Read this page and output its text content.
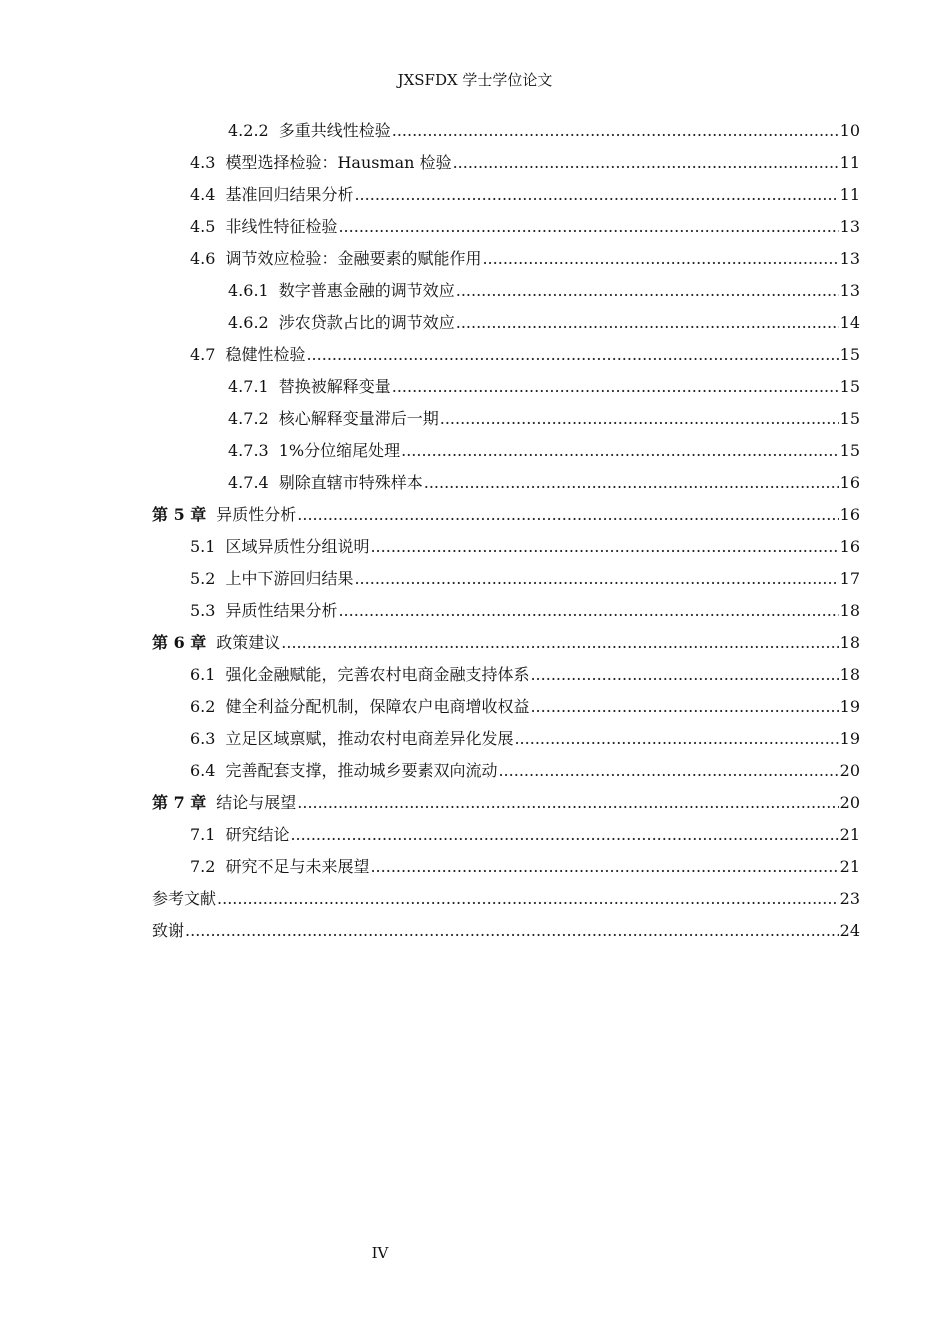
JXSFDX 学士学位论文
4.2.2 多重共线性检验 .....	10
4.3 模型选择检验：Hausman 检验 .....	11
4.4 基准回归结果分析 .....	11
4.5 非线性特征检验 .....	13
4.6 调节效应检验：金融要素的赋能作用 .....	13
4.6.1 数字普惠金融的调节效应 .....	13
4.6.2 涉农贷款占比的调节效应 .....	14
4.7 稳健性检验 .....	15
4.7.1 替换被解释变量 .....	15
4.7.2 核心解释变量滞后一期 .....	15
4.7.3 1%分位缩尾处理 .....	15
4.7.4 剔除直辖市特殊样本 .....	16
第 5 章 异质性分析 .....	16
5.1 区域异质性分组说明 .....	16
5.2 上中下游回归结果 .....	17
5.3 异质性结果分析 .....	18
第 6 章 政策建议 .....	18
6.1 强化金融赋能，完善农村电商金融支持体系 .....	18
6.2 健全利益分配机制，保障农户电商增收权益 .....	19
6.3 立足区域禀赋，推动农村电商差异化发展 .....	19
6.4 完善配套支撑，推动城乡要素双向流动 .....	20
第 7 章 结论与展望 .....	20
7.1 研究结论 .....	21
7.2 研究不足与未来展望 .....	21
参考文献 .....	23
致谢 .....	24
IV
